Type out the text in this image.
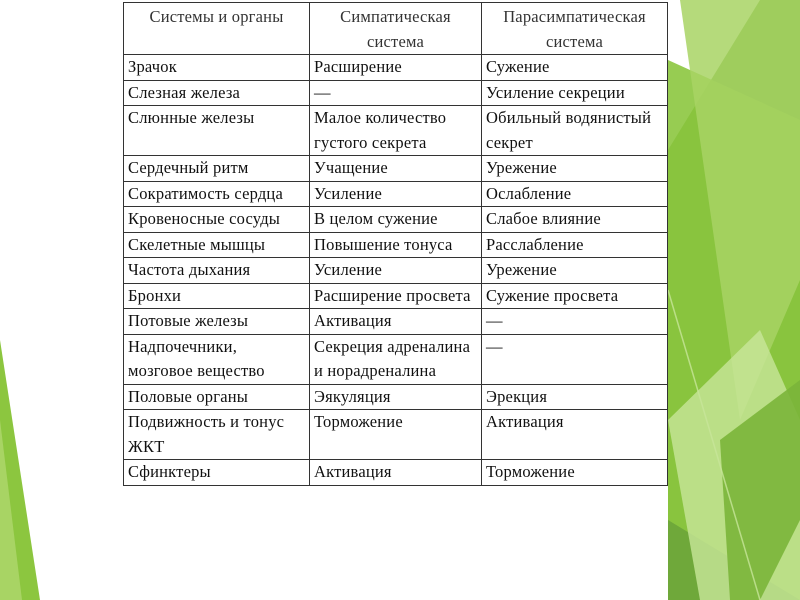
Системы и органы	Симпатическая система	Парасимпатическая система
Зрачок	Расширение	Сужение
Слезная железа	—	Усиление секреции
Слюнные железы	Малое количество густого секрета	Обильный водянистый секрет
Сердечный ритм	Учащение	Урежение
Сократимость сердца	Усиление	Ослабление
Кровеносные сосуды	В целом сужение	Слабое влияние
Скелетные мышцы	Повышение тонуса	Расслабление
Частота дыхания	Усиление	Урежение
Бронхи	Расширение просвета	Сужение просвета
Потовые железы	Активация	—
Надпочечники, мозговое вещество	Секреция адреналина и норадреналина	—
Половые органы	Эякуляция	Эрекция
Подвижность и тонус ЖКТ	Торможение	Активация
Сфинктеры	Активация	Торможение
